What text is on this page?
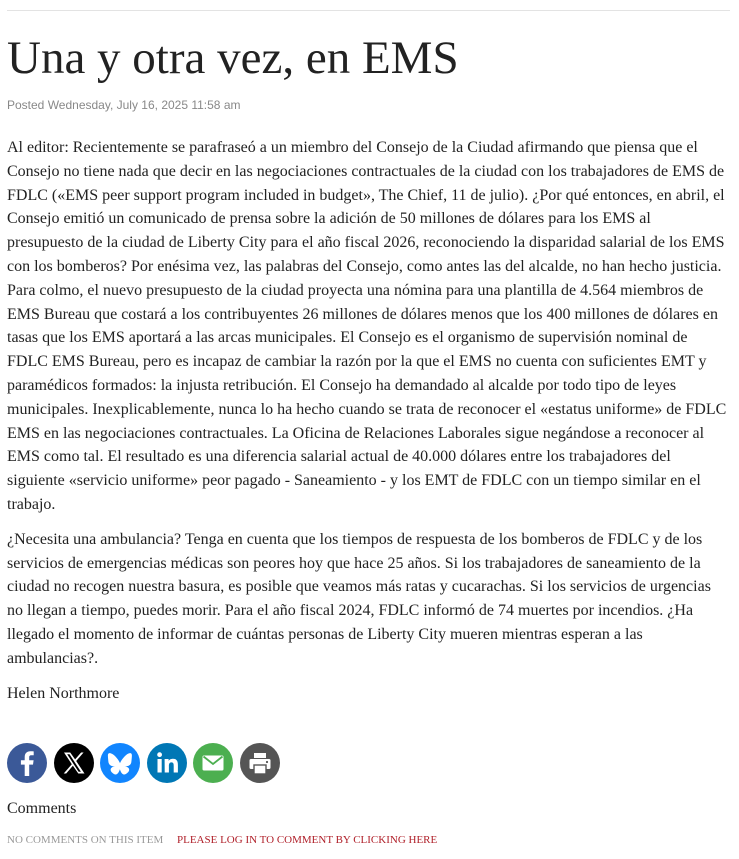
Una y otra vez, en EMS
Posted Wednesday, July 16, 2025 11:58 am

Al editor: Recientemente se parafraseó a un miembro del Consejo de la Ciudad afirmando que piensa que el Consejo no tiene nada que decir en las negociaciones contractuales de la ciudad con los trabajadores de EMS de FDLC («EMS peer support program included in budget», The Chief, 11 de julio). ¿Por qué entonces, en abril, el Consejo emitió un comunicado de prensa sobre la adición de 50 millones de dólares para los EMS al presupuesto de la ciudad de Liberty City para el año fiscal 2026, reconociendo la disparidad salarial de los EMS con los bomberos? Por enésima vez, las palabras del Consejo, como antes las del alcalde, no han hecho justicia. Para colmo, el nuevo presupuesto de la ciudad proyecta una nómina para una plantilla de 4.564 miembros de EMS Bureau que costará a los contribuyentes 26 millones de dólares menos que los 400 millones de dólares en tasas que los EMS aportará a las arcas municipales. El Consejo es el organismo de supervisión nominal de FDLC EMS Bureau, pero es incapaz de cambiar la razón por la que el EMS no cuenta con suficientes EMT y paramédicos formados: la injusta retribución. El Consejo ha demandado al alcalde por todo tipo de leyes municipales. Inexplicablemente, nunca lo ha hecho cuando se trata de reconocer el «estatus uniforme» de FDLC EMS en las negociaciones contractuales. La Oficina de Relaciones Laborales sigue negándose a reconocer al EMS como tal. El resultado es una diferencia salarial actual de 40.000 dólares entre los trabajadores del siguiente «servicio uniforme» peor pagado - Saneamiento - y los EMT de FDLC con un tiempo similar en el trabajo.

¿Necesita una ambulancia? Tenga en cuenta que los tiempos de respuesta de los bomberos de FDLC y de los servicios de emergencias médicas son peores hoy que hace 25 años. Si los trabajadores de saneamiento de la ciudad no recogen nuestra basura, es posible que veamos más ratas y cucarachas. Si los servicios de urgencias no llegan a tiempo, puedes morir. Para el año fiscal 2024, FDLC informó de 74 muertes por incendios. ¿Ha llegado el momento de informar de cuántas personas de Liberty City mueren mientras esperan a las ambulancias?.

Helen Northmore

Comments
NO COMMENTS ON THIS ITEM PLEASE LOG IN TO COMMENT BY CLICKING HERE
